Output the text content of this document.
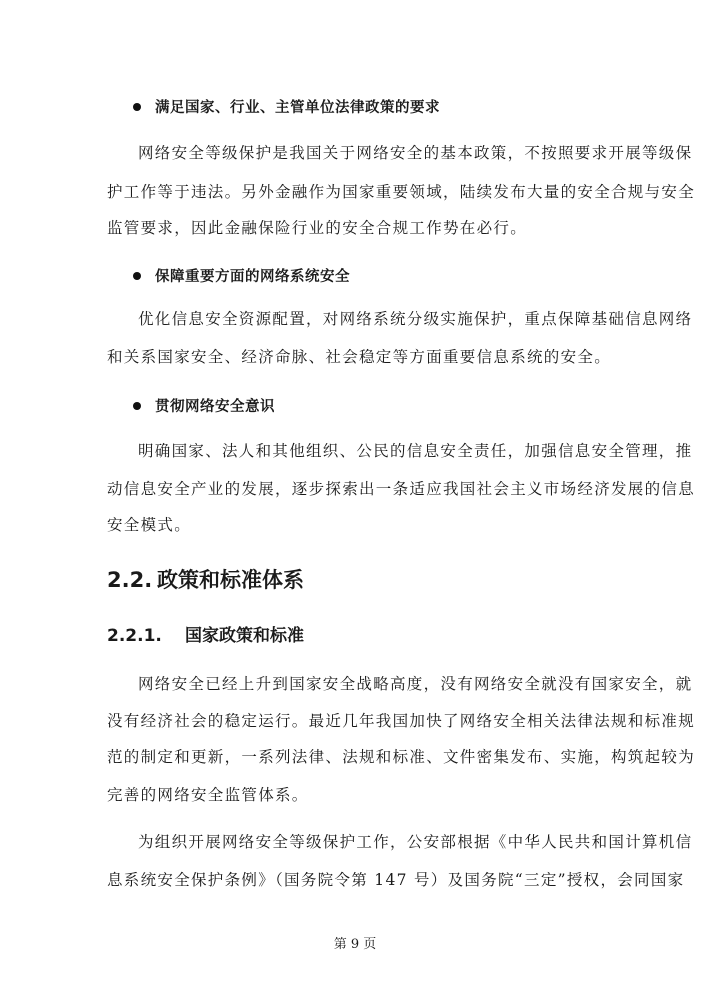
满足国家、行业、主管单位法律政策的要求
网络安全等级保护是我国关于网络安全的基本政策，不按照要求开展等级保
护工作等于违法。另外金融作为国家重要领域，陆续发布大量的安全合规与安全
监管要求，因此金融保险行业的安全合规工作势在必行。
保障重要方面的网络系统安全
优化信息安全资源配置，对网络系统分级实施保护，重点保障基础信息网络
和关系国家安全、经济命脉、社会稳定等方面重要信息系统的安全。
贯彻网络安全意识
明确国家、法人和其他组织、公民的信息安全责任，加强信息安全管理，推
动信息安全产业的发展，逐步探索出一条适应我国社会主义市场经济发展的信息
安全模式。
2.2. 政策和标准体系
2.2.1. 国家政策和标准
网络安全已经上升到国家安全战略高度，没有网络安全就没有国家安全，就
没有经济社会的稳定运行。最近几年我国加快了网络安全相关法律法规和标准规
范的制定和更新，一系列法律、法规和标准、文件密集发布、实施，构筑起较为
完善的网络安全监管体系。
为组织开展网络安全等级保护工作，公安部根据《中华人民共和国计算机信
息系统安全保护条例》（国务院令第 147 号）及国务院“三定”授权，会同国家
第 9 页
